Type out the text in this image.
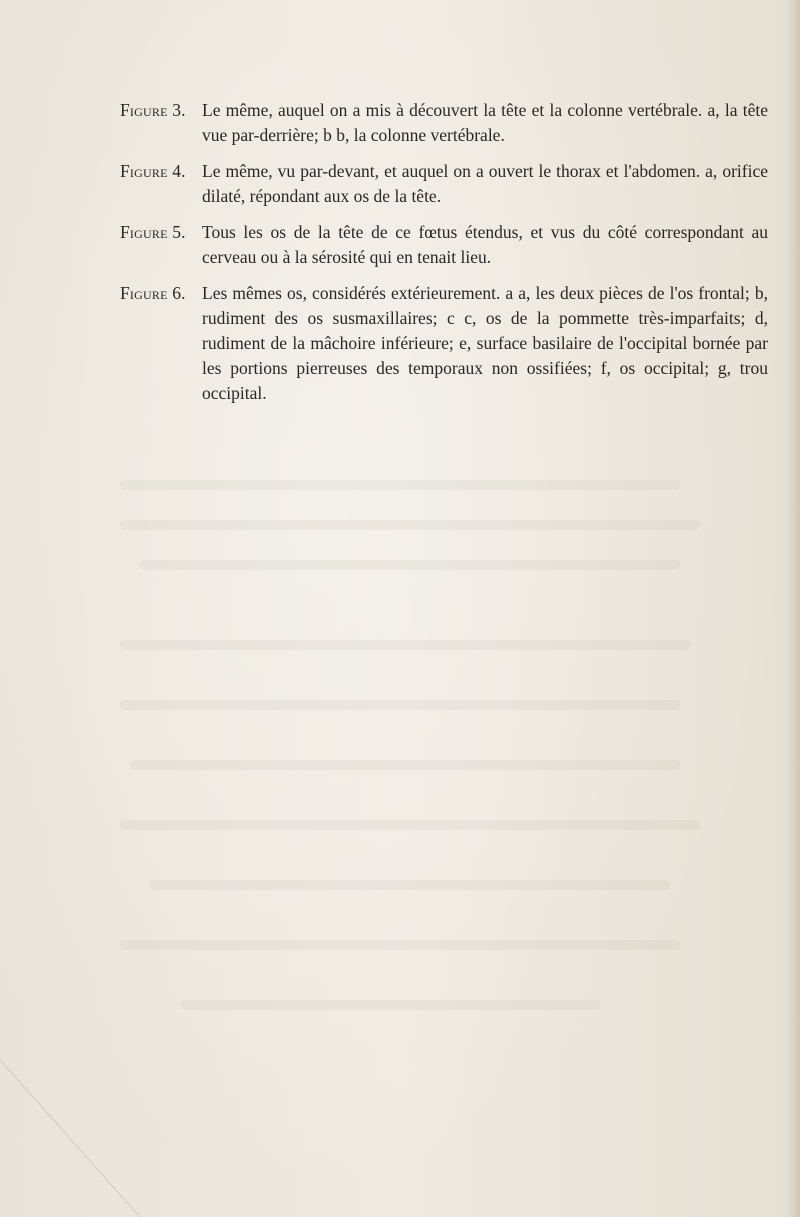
Figure 3. Le même, auquel on a mis à découvert la tête et la colonne vertébrale. a, la tête vue par-derrière; b b, la colonne vertébrale.
Figure 4. Le même, vu par-devant, et auquel on a ouvert le thorax et l'abdomen. a, orifice dilaté, répondant aux os de la tête.
Figure 5. Tous les os de la tête de ce fœtus étendus, et vus du côté correspondant au cerveau ou à la sérosité qui en tenait lieu.
Figure 6. Les mêmes os, considérés extérieurement. a a, les deux pièces de l'os frontal; b, rudiment des os susmaxillaires; c c, os de la pommette très-imparfaits; d, rudiment de la mâchoire inférieure; e, surface basilaire de l'occipital bornée par les portions pierreuses des temporaux non ossifiées; f, os occipital; g, trou occipital.
